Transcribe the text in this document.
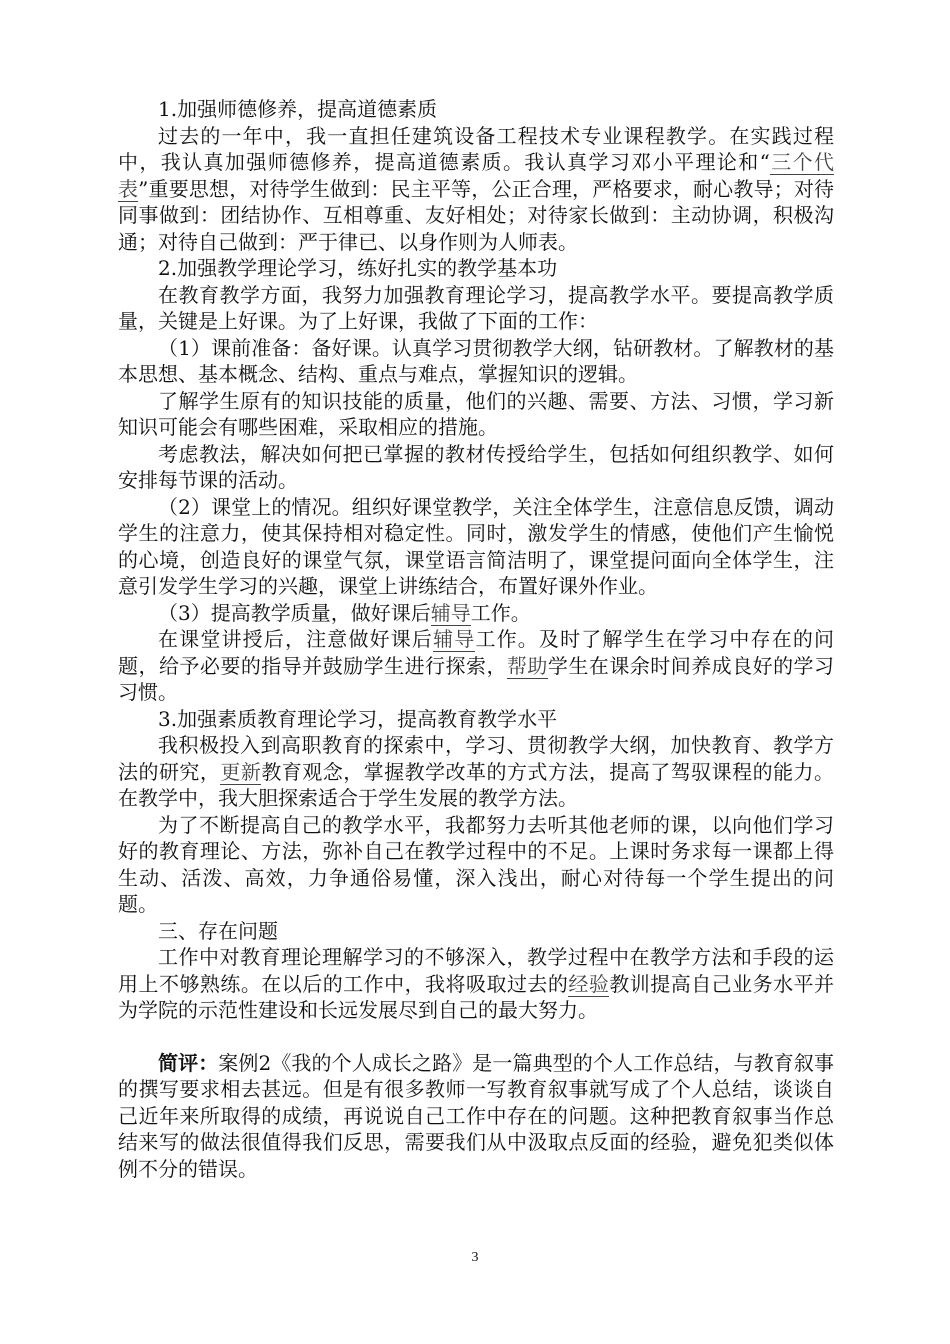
1.加强师德修养，提高道德素质

过去的一年中，我一直担任建筑设备工程技术专业课程教学。在实践过程中，我认真加强师德修养，提高道德素质。我认真学习邓小平理论和“三个代表”重要思想，对待学生做到：民主平等，公正合理，严格要求，耐心教导；对待同事做到：团结协作、互相尊重、友好相处；对待家长做到：主动协调，积极沟通；对待自己做到：严于律已、以身作则为人师表。

2.加强教学理论学习，练好扎实的教学基本功

在教育教学方面，我努力加强教育理论学习，提高教学水平。要提高教学质量，关键是上好课。为了上好课，我做了下面的工作：

（1）课前准备：备好课。认真学习贯彻教学大纲，钻研教材。了解教材的基本思想、基本概念、结构、重点与难点，掌握知识的逻辑。

了解学生原有的知识技能的质量，他们的兴趣、需要、方法、习惯，学习新知识可能会有哪些困难，采取相应的措施。

考虑教法，解决如何把已掌握的教材传授给学生，包括如何组织教学、如何安排每节课的活动。

（2）课堂上的情况。组织好课堂教学，关注全体学生，注意信息反馈，调动学生的注意力，使其保持相对稳定性。同时，激发学生的情感，使他们产生愉悦的心境，创造良好的课堂气氛，课堂语言简洁明了，课堂提问面向全体学生，注意引发学生学习的兴趣，课堂上讲练结合，布置好课外作业。

（3）提高教学质量，做好课后辅导工作。

在课堂讲授后，注意做好课后辅导工作。及时了解学生在学习中存在的问题，给予必要的指导并鼓励学生进行探索，帮助学生在课余时间养成良好的学习习惯。

3.加强素质教育理论学习，提高教育教学水平

我积极投入到高职教育的探索中，学习、贯彻教学大纲，加快教育、教学方法的研究，更新教育观念，掌握教学改革的方式方法，提高了驾驭课程的能力。在教学中，我大胆探索适合于学生发展的教学方法。

为了不断提高自己的教学水平，我都努力去听其他老师的课，以向他们学习好的教育理论、方法，弥补自己在教学过程中的不足。上课时务求每一课都上得生动、活泼、高效，力争通俗易懂，深入浅出，耐心对待每一个学生提出的问题。

三、存在问题

工作中对教育理论理解学习的不够深入，教学过程中在教学方法和手段的运用上不够熟练。在以后的工作中，我将吸取过去的经验教训提高自己业务水平并为学院的示范性建设和长远发展尽到自己的最大努力。

简评：案例2《我的个人成长之路》是一篇典型的个人工作总结，与教育叙事的撰写要求相去甚远。但是有很多教师一写教育叙事就写成了个人总结，谈谈自己近年来所取得的成绩，再说说自己工作中存在的问题。这种把教育叙事当作总结来写的做法很值得我们反思，需要我们从中汲取点反面的经验，避免犯类似体例不分的错误。

3
